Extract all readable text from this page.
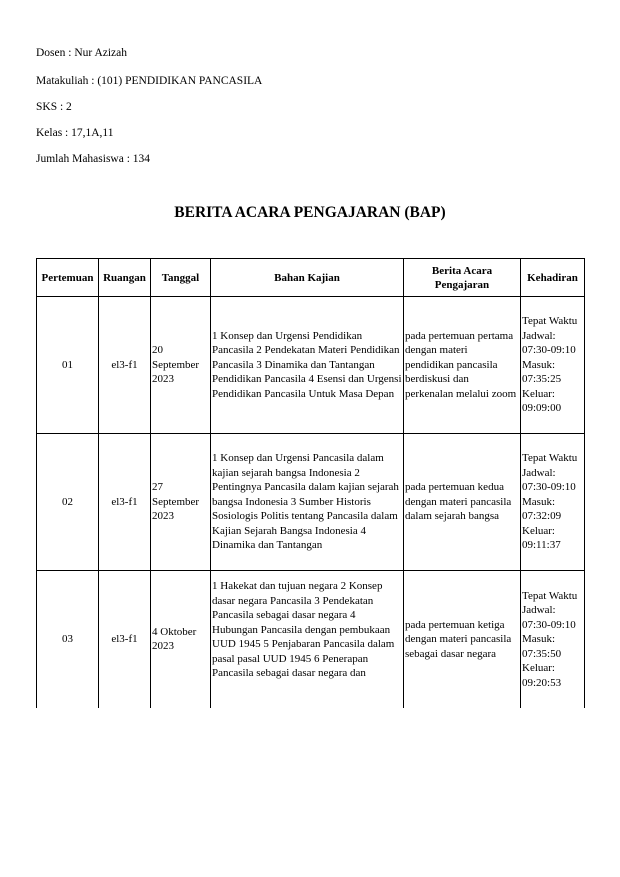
Dosen : Nur Azizah
Matakuliah : (101) PENDIDIKAN PANCASILA
SKS : 2
Kelas : 17,1A,11
Jumlah Mahasiswa : 134
BERITA ACARA PENGAJARAN (BAP)
Pertemuan	Ruangan	Tanggal	Bahan Kajian	Berita Acara Pengajaran	Kehadiran
01	el3-f1	20 September 2023	1 Konsep dan Urgensi Pendidikan Pancasila 2 Pendekatan Materi Pendidikan Pancasila 3 Dinamika dan Tantangan Pendidikan Pancasila 4 Esensi dan Urgensi Pendidikan Pancasila Untuk Masa Depan	pada pertemuan pertama dengan materi pendidikan pancasila berdiskusi dan perkenalan melalui zoom	Tepat Waktu Jadwal: 07:30-09:10 Masuk: 07:35:25 Keluar: 09:09:00
02	el3-f1	27 September 2023	1 Konsep dan Urgensi Pancasila dalam kajian sejarah bangsa Indonesia 2 Pentingnya Pancasila dalam kajian sejarah bangsa Indonesia 3 Sumber Historis Sosiologis Politis tentang Pancasila dalam Kajian Sejarah Bangsa Indonesia 4 Dinamika dan Tantangan	pada pertemuan kedua dengan materi pancasila dalam sejarah bangsa	Tepat Waktu Jadwal: 07:30-09:10 Masuk: 07:32:09 Keluar: 09:11:37
03	el3-f1	4 Oktober 2023	1 Hakekat dan tujuan negara 2 Konsep dasar negara Pancasila 3 Pendekatan Pancasila sebagai dasar negara 4 Hubungan Pancasila dengan pembukaan UUD 1945 5 Penjabaran Pancasila dalam pasal pasal UUD 1945 6 Penerapan Pancasila sebagai dasar negara dan	pada pertemuan ketiga dengan materi pancasila sebagai dasar negara	Tepat Waktu Jadwal: 07:30-09:10 Masuk: 07:35:50 Keluar: 09:20:53
